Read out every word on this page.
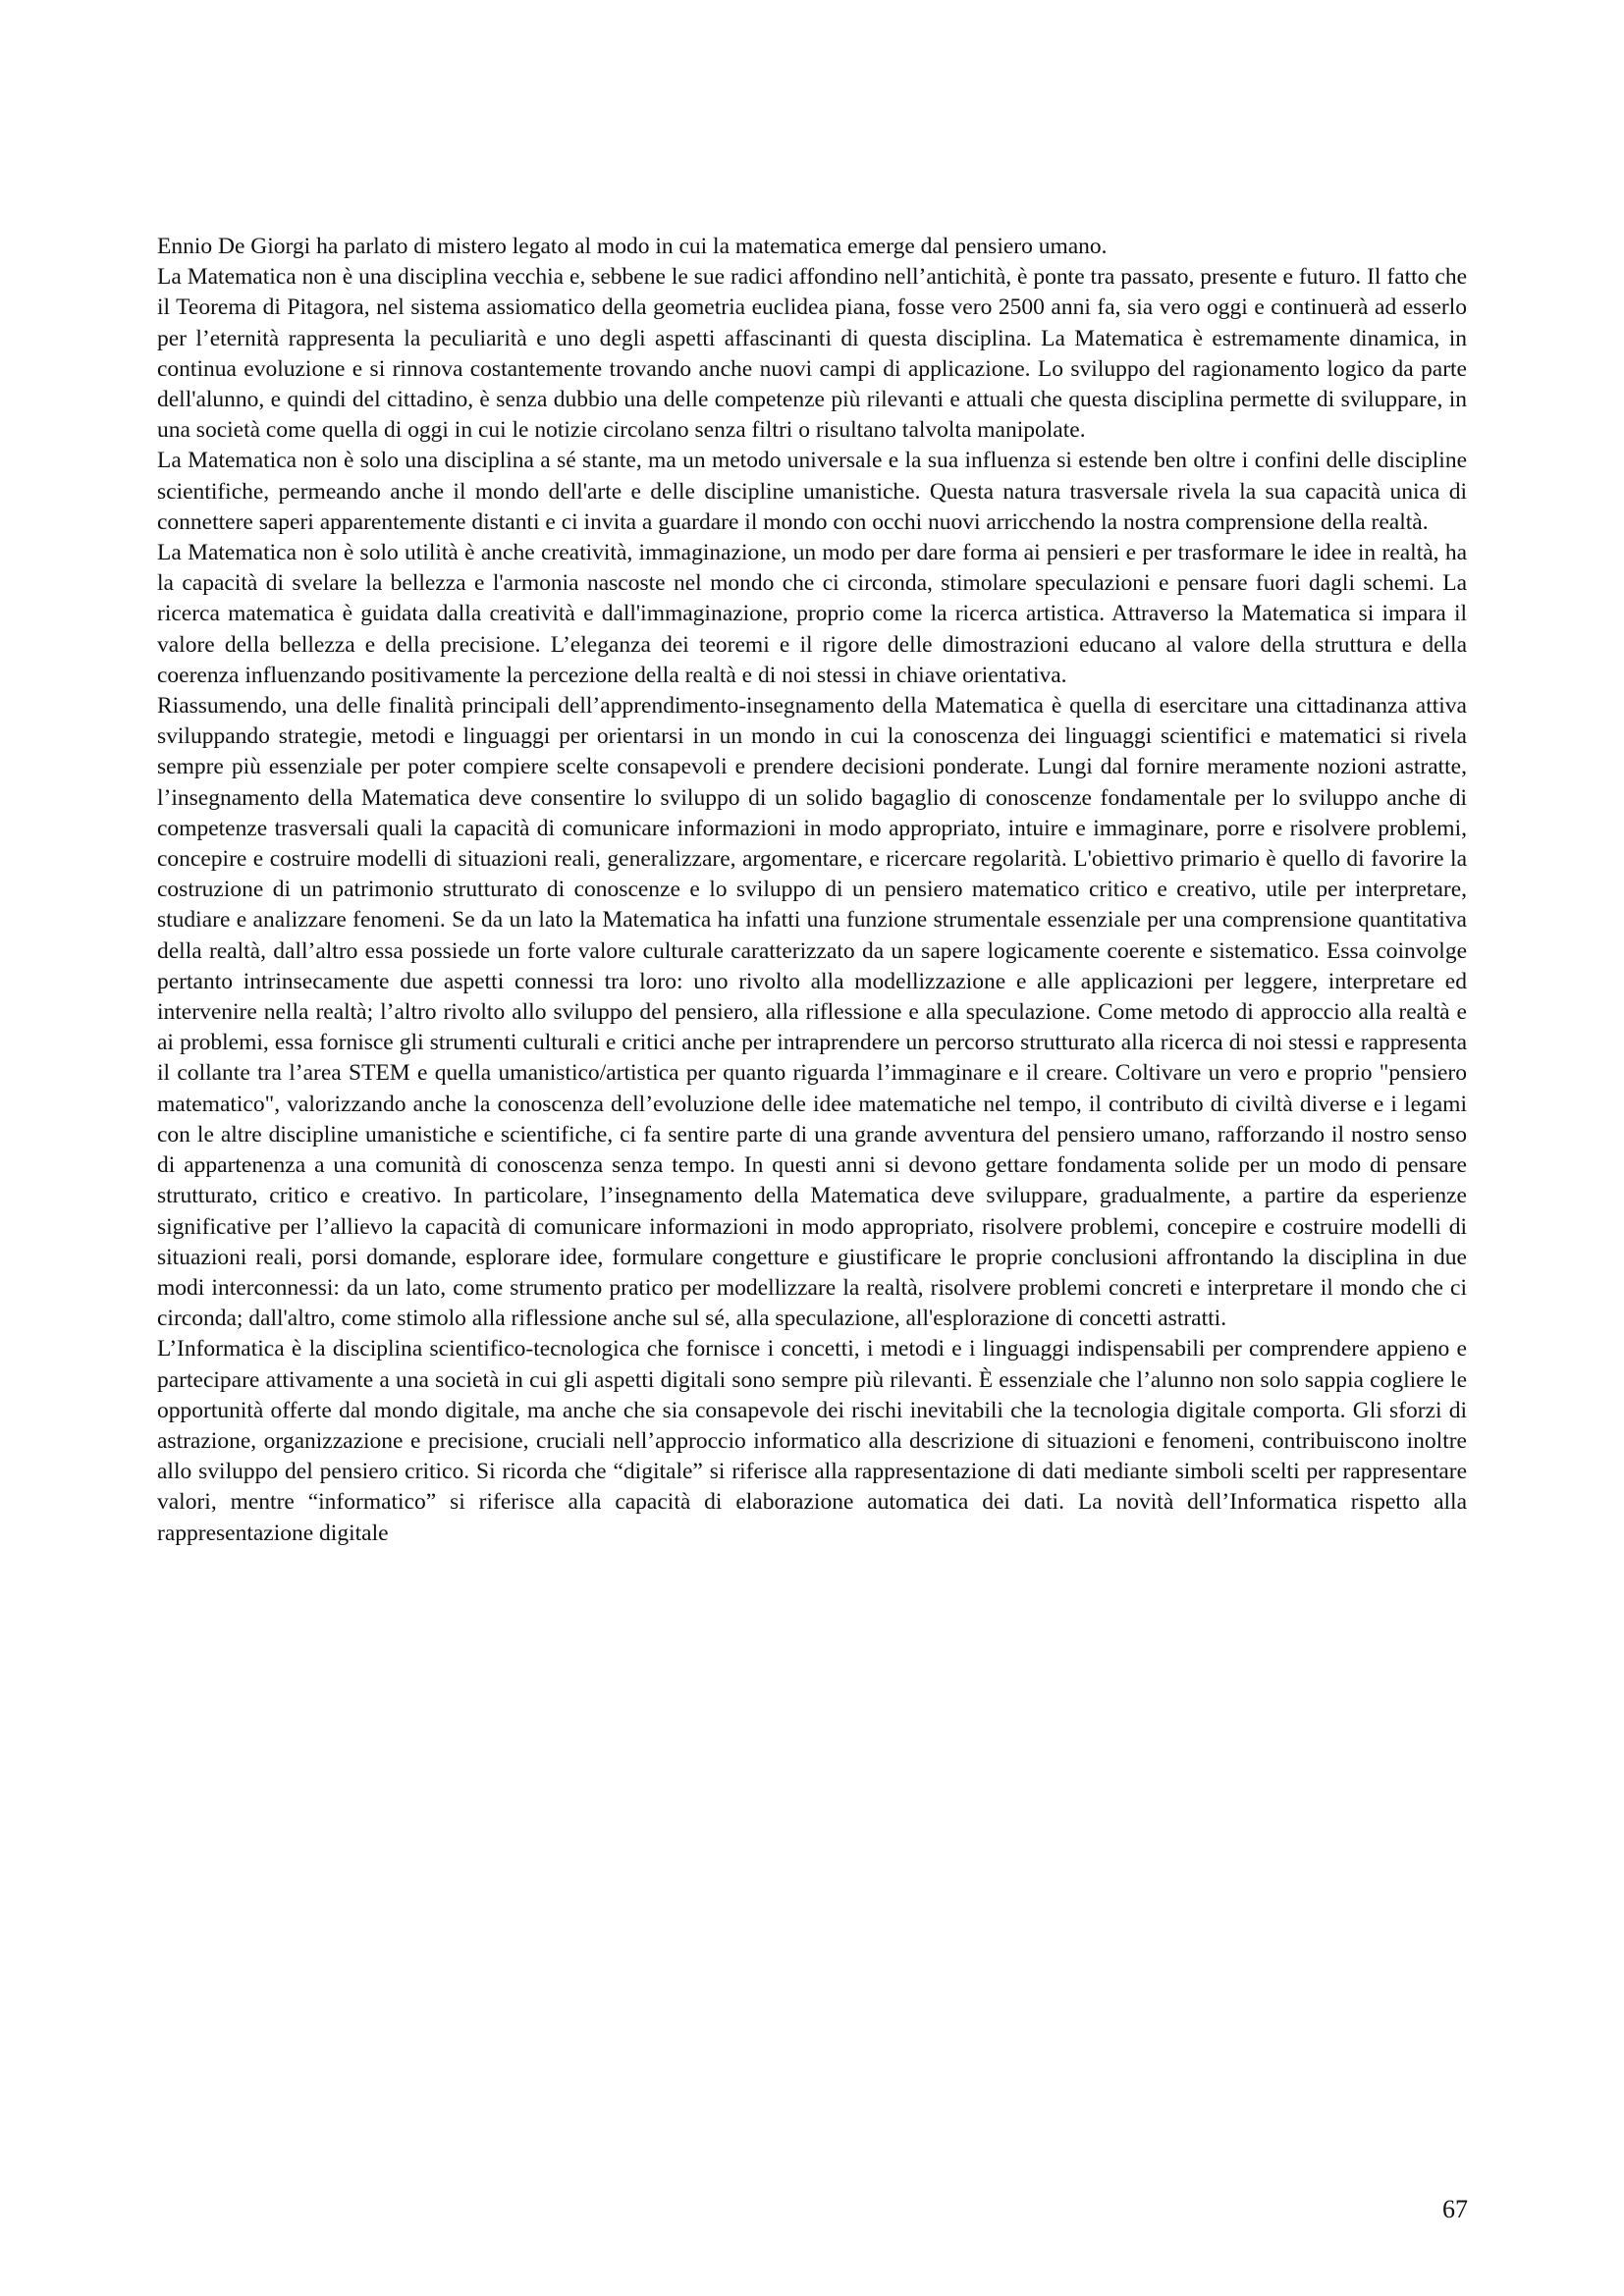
Ennio De Giorgi ha parlato di mistero legato al modo in cui la matematica emerge dal pensiero umano.

La Matematica non è una disciplina vecchia e, sebbene le sue radici affondino nell’antichità, è ponte tra passato, presente e futuro. Il fatto che il Teorema di Pitagora, nel sistema assiomatico della geometria euclidea piana, fosse vero 2500 anni fa, sia vero oggi e continuerà ad esserlo per l’eternità rappresenta la peculiarità e uno degli aspetti affascinanti di questa disciplina. La Matematica è estremamente dinamica, in continua evoluzione e si rinnova costantemente trovando anche nuovi campi di applicazione. Lo sviluppo del ragionamento logico da parte dell'alunno, e quindi del cittadino, è senza dubbio una delle competenze più rilevanti e attuali che questa disciplina permette di sviluppare, in una società come quella di oggi in cui le notizie circolano senza filtri o risultano talvolta manipolate.

La Matematica non è solo una disciplina a sé stante, ma un metodo universale e la sua influenza si estende ben oltre i confini delle discipline scientifiche, permeando anche il mondo dell'arte e delle discipline umanistiche. Questa natura trasversale rivela la sua capacità unica di connettere saperi apparentemente distanti e ci invita a guardare il mondo con occhi nuovi arricchendo la nostra comprensione della realtà.

La Matematica non è solo utilità è anche creatività, immaginazione, un modo per dare forma ai pensieri e per trasformare le idee in realtà, ha la capacità di svelare la bellezza e l'armonia nascoste nel mondo che ci circonda, stimolare speculazioni e pensare fuori dagli schemi. La ricerca matematica è guidata dalla creatività e dall'immaginazione, proprio come la ricerca artistica. Attraverso la Matematica si impara il valore della bellezza e della precisione. L’eleganza dei teoremi e il rigore delle dimostrazioni educano al valore della struttura e della coerenza influenzando positivamente la percezione della realtà e di noi stessi in chiave orientativa.

Riassumendo, una delle finalità principali dell’apprendimento-insegnamento della Matematica è quella di esercitare una cittadinanza attiva sviluppando strategie, metodi e linguaggi per orientarsi in un mondo in cui la conoscenza dei linguaggi scientifici e matematici si rivela sempre più essenziale per poter compiere scelte consapevoli e prendere decisioni ponderate. Lungi dal fornire meramente nozioni astratte, l’insegnamento della Matematica deve consentire lo sviluppo di un solido bagaglio di conoscenze fondamentale per lo sviluppo anche di competenze trasversali quali la capacità di comunicare informazioni in modo appropriato, intuire e immaginare, porre e risolvere problemi, concepire e costruire modelli di situazioni reali, generalizzare, argomentare, e ricercare regolarità. L'obiettivo primario è quello di favorire la costruzione di un patrimonio strutturato di conoscenze e lo sviluppo di un pensiero matematico critico e creativo, utile per interpretare, studiare e analizzare fenomeni. Se da un lato la Matematica ha infatti una funzione strumentale essenziale per una comprensione quantitativa della realtà, dall’altro essa possiede un forte valore culturale caratterizzato da un sapere logicamente coerente e sistematico. Essa coinvolge pertanto intrinsecamente due aspetti connessi tra loro: uno rivolto alla modellizzazione e alle applicazioni per leggere, interpretare ed intervenire nella realtà; l’altro rivolto allo sviluppo del pensiero, alla riflessione e alla speculazione. Come metodo di approccio alla realtà e ai problemi, essa fornisce gli strumenti culturali e critici anche per intraprendere un percorso strutturato alla ricerca di noi stessi e rappresenta il collante tra l’area STEM e quella umanistico/artistica per quanto riguarda l’immaginare e il creare. Coltivare un vero e proprio "pensiero matematico", valorizzando anche la conoscenza dell’evoluzione delle idee matematiche nel tempo, il contributo di civiltà diverse e i legami con le altre discipline umanistiche e scientifiche, ci fa sentire parte di una grande avventura del pensiero umano, rafforzando il nostro senso di appartenenza a una comunità di conoscenza senza tempo. In questi anni si devono gettare fondamenta solide per un modo di pensare strutturato, critico e creativo. In particolare, l’insegnamento della Matematica deve sviluppare, gradualmente, a partire da esperienze significative per l’allievo la capacità di comunicare informazioni in modo appropriato, risolvere problemi, concepire e costruire modelli di situazioni reali, porsi domande, esplorare idee, formulare congetture e giustificare le proprie conclusioni affrontando la disciplina in due modi interconnessi: da un lato, come strumento pratico per modellizzare la realtà, risolvere problemi concreti e interpretare il mondo che ci circonda; dall'altro, come stimolo alla riflessione anche sul sé, alla speculazione, all'esplorazione di concetti astratti.

L’Informatica è la disciplina scientifico-tecnologica che fornisce i concetti, i metodi e i linguaggi indispensabili per comprendere appieno e partecipare attivamente a una società in cui gli aspetti digitali sono sempre più rilevanti. È essenziale che l’alunno non solo sappia cogliere le opportunità offerte dal mondo digitale, ma anche che sia consapevole dei rischi inevitabili che la tecnologia digitale comporta. Gli sforzi di astrazione, organizzazione e precisione, cruciali nell’approccio informatico alla descrizione di situazioni e fenomeni, contribuiscono inoltre allo sviluppo del pensiero critico. Si ricorda che “digitale” si riferisce alla rappresentazione di dati mediante simboli scelti per rappresentare valori, mentre “informatico” si riferisce alla capacità di elaborazione automatica dei dati. La novità dell’Informatica rispetto alla rappresentazione digitale

67
